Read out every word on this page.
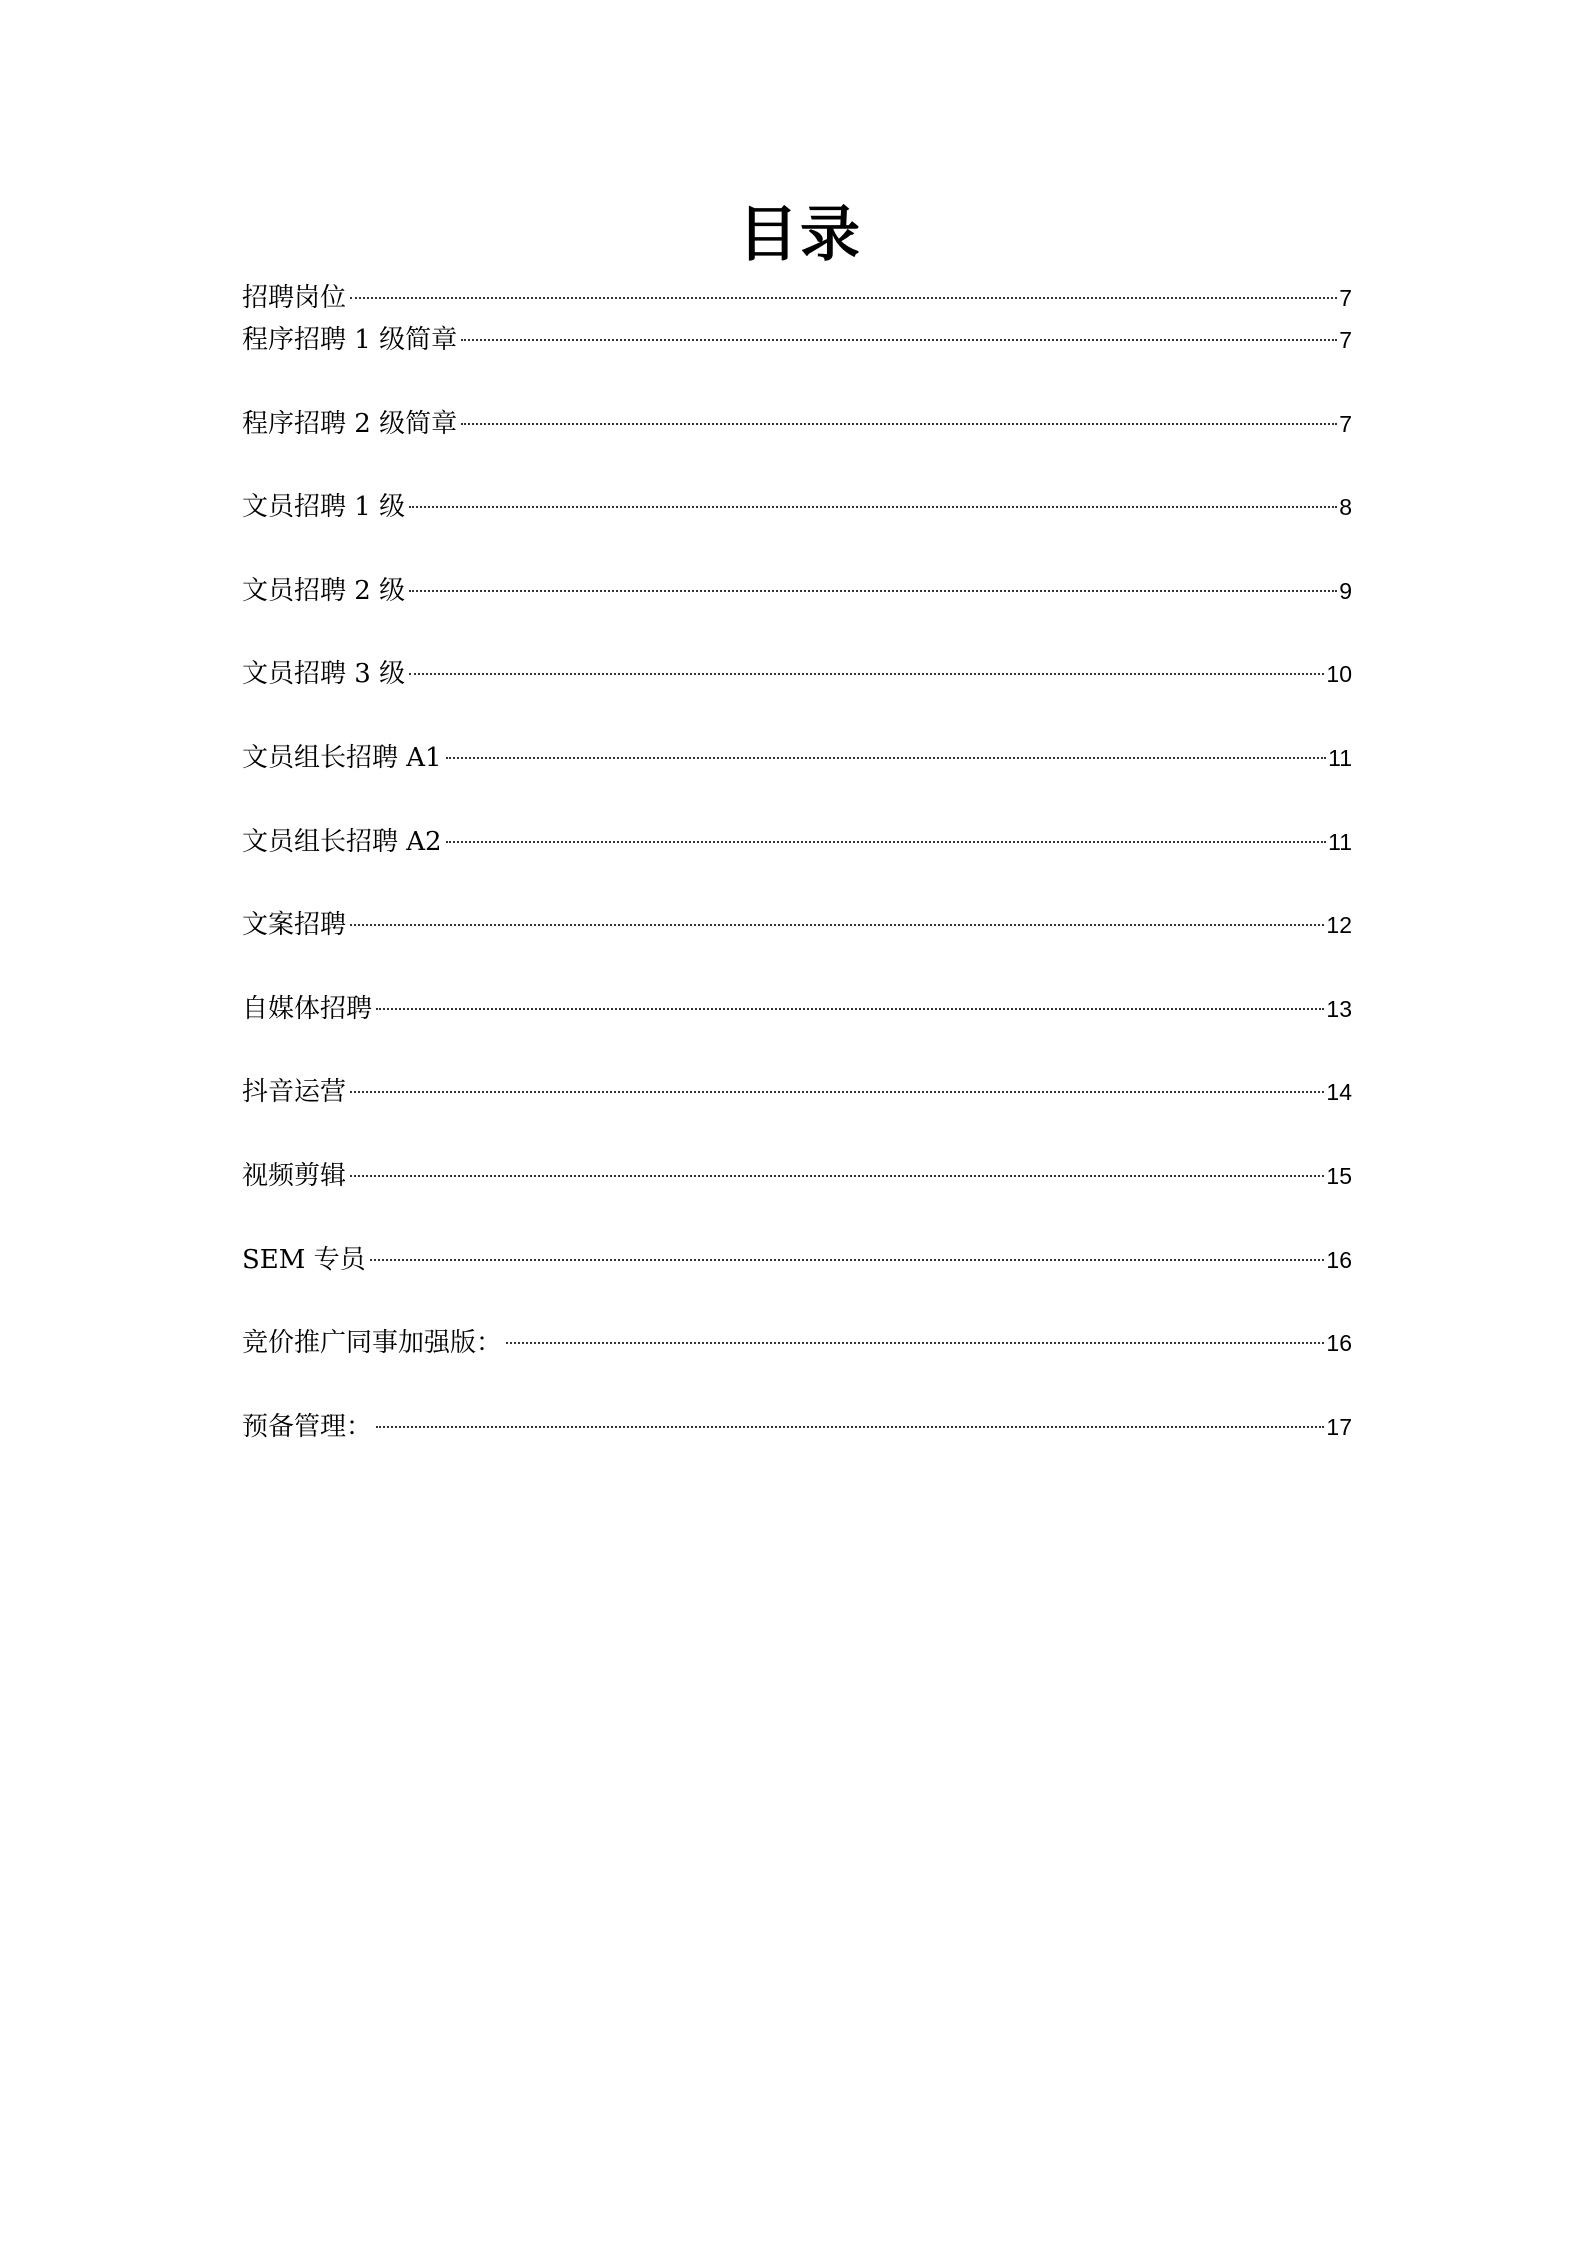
目录
招聘岗位	7
程序招聘 1 级简章	7
程序招聘 2 级简章	7
文员招聘 1 级	8
文员招聘 2 级	9
文员招聘 3 级	10
文员组长招聘 A1	11
文员组长招聘 A2	11
文案招聘	12
自媒体招聘	13
抖音运营	14
视频剪辑	15
SEM 专员	16
竞价推广同事加强版：	16
预备管理：	17
